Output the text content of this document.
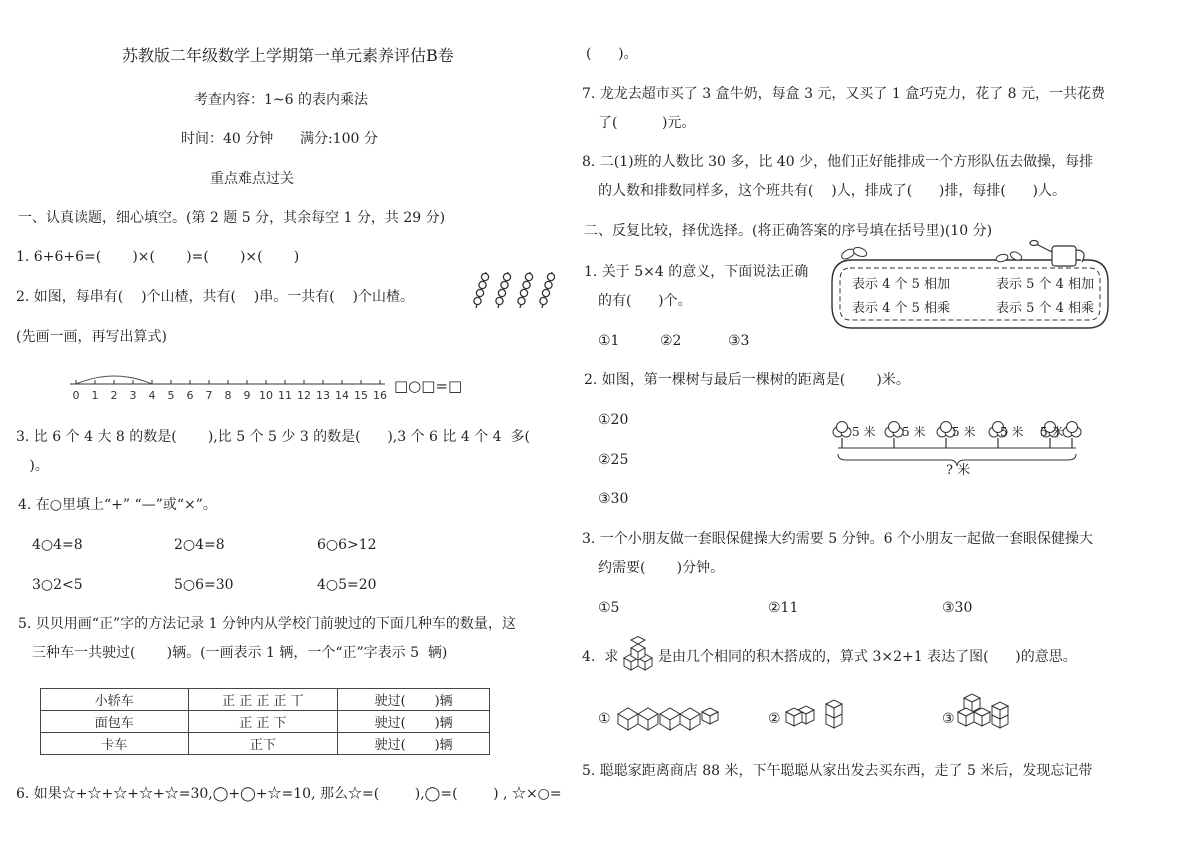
苏教版二年级数学上学期第一单元素养评估B卷
考查内容：1~6 的表内乘法
时间：40 分钟      满分:100 分
重点难点过关
一、认真读题，细心填空。(第 2 题 5 分，其余每空 1 分，共 29 分)
1. 6+6+6=(       )×(       )=(       )×(       )
2. 如图，每串有(    )个山楂，共有(    )串。一共有(    )个山楂。
(先画一画，再写出算式)
0 1 2 3 4 5 6 7 8 9 10 11 12 13 14 15 16
□○□=□
3. 比 6 个 4 大 8 的数是(       ),比 5 个 5 少 3 的数是(      ),3 个 6 比 4 个 4  多(
)。
4. 在○里填上“+” “—”或“×”。
4○4=8	2○4=8	6○6>12
3○2<5	5○6=30	4○5=20
5. 贝贝用画“正”字的方法记录 1 分钟内从学校门前驶过的下面几种车的数量，这
三种车一共驶过(       )辆。(一画表示 1 辆，一个“正”字表示 5  辆)
小轿车	正 正 正 正 丅	驶过(       )辆
面包车	正 正 下	驶过(       )辆
卡车	正下	驶过(       )辆
6. 如果☆+☆+☆+☆+☆=30,◯+◯+☆=10, 那么☆=(        ),◯=(        ) , ☆×○=
(      )。
7. 龙龙去超市买了 3 盒牛奶，每盒 3 元，又买了 1 盒巧克力，花了 8 元，一共花费
了(          )元。
8. 二(1)班的人数比 30 多，比 40 少，他们正好能排成一个方形队伍去做操，每排
的人数和排数同样多，这个班共有(    )人，排成了(      )排，每排(      )人。
二、反复比较，择优选择。(将正确答案的序号填在括号里)(10 分)
1. 关于 5×4 的意义，下面说法正确
的有(      )个。
①1	②2	③3
表示 4 个 5 相加	表示 5 个 4 相加
表示 4 个 5 相乘	表示 5 个 4 相乘
2. 如图，第一棵树与最后一棵树的距离是(       )米。
①20
②25
③30
5 米 5 米 5 米 5 米 5 米
? 米
3. 一个小朋友做一套眼保健操大约需要 5 分钟。6 个小朋友一起做一套眼保健操大
约需要(       )分钟。
①5	②11	③30
4.  求	是由几个相同的积木搭成的，算式 3×2+1 表达了图(      )的意思。
①	②	③
5. 聪聪家距离商店 88 米，下午聪聪从家出发去买东西，走了 5 米后，发现忘记带
